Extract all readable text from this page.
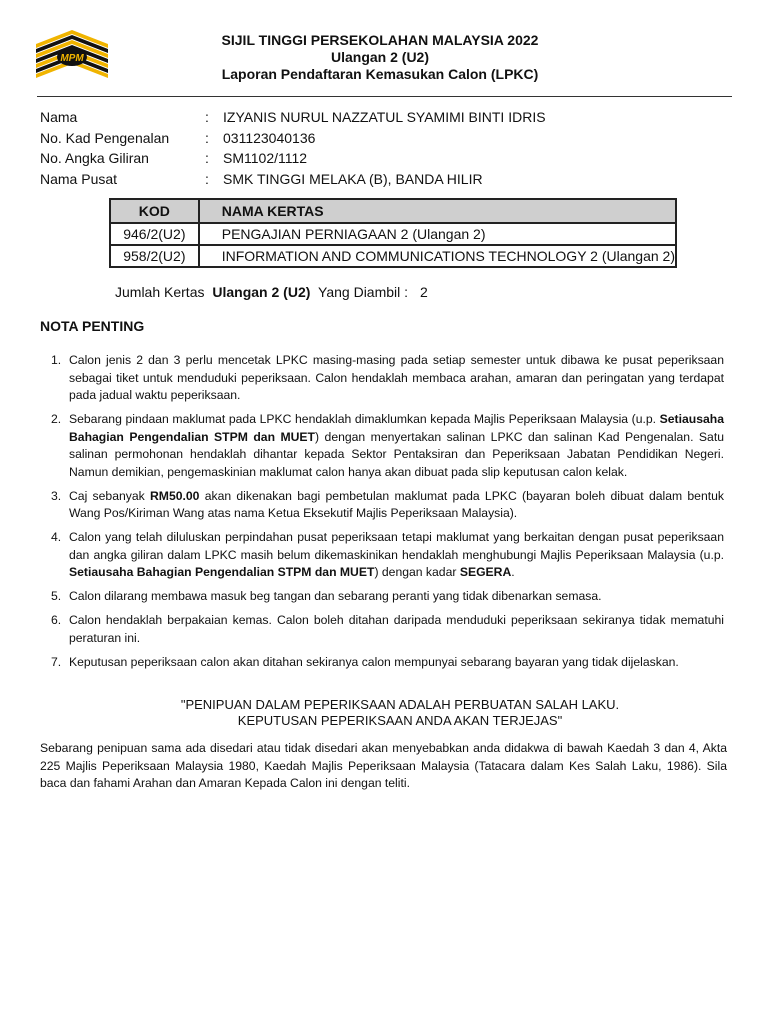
MPM
SIJIL TINGGI PERSEKOLAHAN MALAYSIA 2022
Ulangan 2 (U2)
Laporan Pendaftaran Kemasukan Calon (LPKC)
Nama	: IZYANIS NURUL NAZZATUL SYAMIMI BINTI IDRIS
No. Kad Pengenalan	: 031123040136
No. Angka Giliran	: SM1102/1112
Nama Pusat	: SMK TINGGI MELAKA (B), BANDA HILIR
KOD	NAMA KERTAS
946/2(U2)	PENGAJIAN PERNIAGAAN 2 (Ulangan 2)
958/2(U2)	INFORMATION AND COMMUNICATIONS TECHNOLOGY 2 (Ulangan 2)
Jumlah Kertas Ulangan 2 (U2) Yang Diambil : 2
NOTA PENTING
1. Calon jenis 2 dan 3 perlu mencetak LPKC masing-masing pada setiap semester untuk dibawa ke pusat peperiksaan sebagai tiket untuk menduduki peperiksaan. Calon hendaklah membaca arahan, amaran dan peringatan yang terdapat pada jadual waktu peperiksaan.
2. Sebarang pindaan maklumat pada LPKC hendaklah dimaklumkan kepada Majlis Peperiksaan Malaysia (u.p. Setiausaha Bahagian Pengendalian STPM dan MUET) dengan menyertakan salinan LPKC dan salinan Kad Pengenalan. Satu salinan permohonan hendaklah dihantar kepada Sektor Pentaksiran dan Peperiksaan Jabatan Pendidikan Negeri. Namun demikian, pengemaskinian maklumat calon hanya akan dibuat pada slip keputusan calon kelak.
3. Caj sebanyak RM50.00 akan dikenakan bagi pembetulan maklumat pada LPKC (bayaran boleh dibuat dalam bentuk Wang Pos/Kiriman Wang atas nama Ketua Eksekutif Majlis Peperiksaan Malaysia).
4. Calon yang telah diluluskan perpindahan pusat peperiksaan tetapi maklumat yang berkaitan dengan pusat peperiksaan dan angka giliran dalam LPKC masih belum dikemaskinikan hendaklah menghubungi Majlis Peperiksaan Malaysia (u.p. Setiausaha Bahagian Pengendalian STPM dan MUET) dengan kadar SEGERA.
5. Calon dilarang membawa masuk beg tangan dan sebarang peranti yang tidak dibenarkan semasa.
6. Calon hendaklah berpakaian kemas. Calon boleh ditahan daripada menduduki peperiksaan sekiranya tidak mematuhi peraturan ini.
7. Keputusan peperiksaan calon akan ditahan sekiranya calon mempunyai sebarang bayaran yang tidak dijelaskan.
"PENIPUAN DALAM PEPERIKSAAN ADALAH PERBUATAN SALAH LAKU.
KEPUTUSAN PEPERIKSAAN ANDA AKAN TERJEJAS"
Sebarang penipuan sama ada disedari atau tidak disedari akan menyebabkan anda didakwa di bawah Kaedah 3 dan 4, Akta 225 Majlis Peperiksaan Malaysia 1980, Kaedah Majlis Peperiksaan Malaysia (Tatacara dalam Kes Salah Laku, 1986). Sila baca dan fahami Arahan dan Amaran Kepada Calon ini dengan teliti.
